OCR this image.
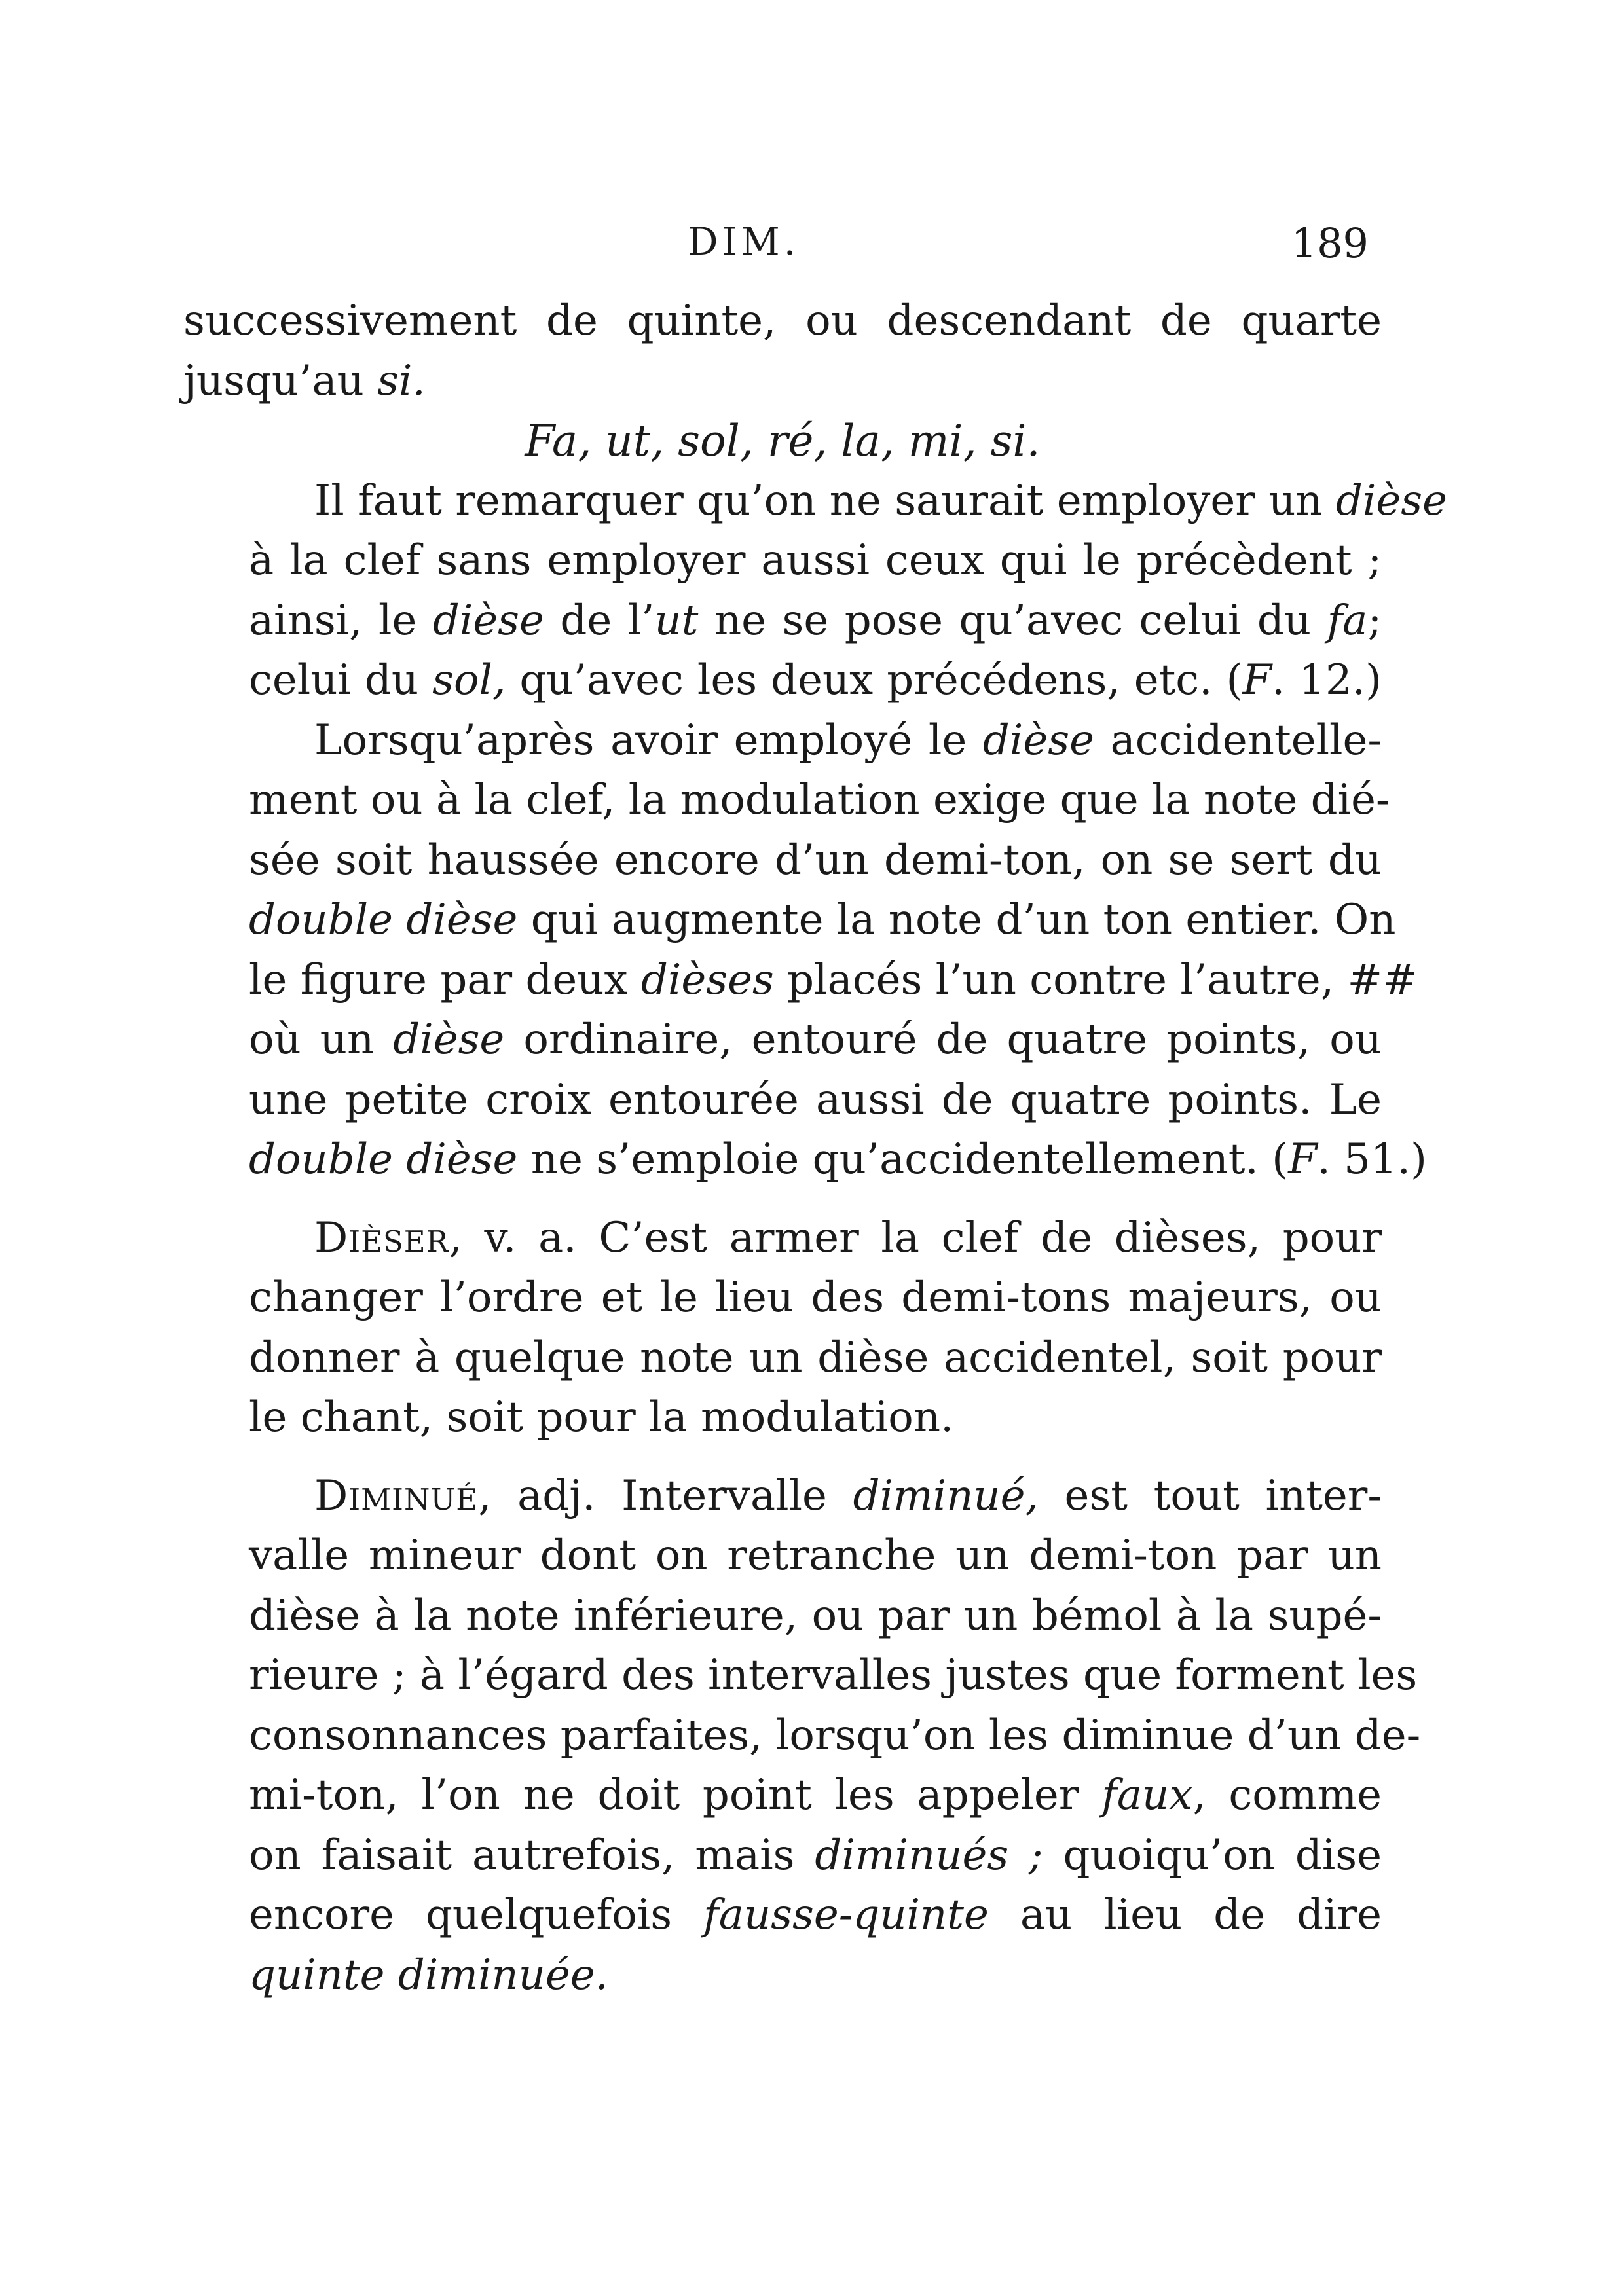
DIM.	189

successivement de quinte, ou descendant de quarte
jusqu’au si.

Fa, ut, sol, ré, la, mi, si.

Il faut remarquer qu’on ne saurait employer un dièse
à la clef sans employer aussi ceux qui le précèdent ;
ainsi, le dièse de l’ut ne se pose qu’avec celui du fa;
celui du sol, qu’avec les deux précédens, etc. (F. 12.)

Lorsqu’après avoir employé le dièse accidentelle-
ment ou à la clef, la modulation exige que la note dié-
sée soit haussée encore d’un demi-ton, on se sert du
double dièse qui augmente la note d’un ton entier. On
le figure par deux dièses placés l’un contre l’autre, ##
où un dièse ordinaire, entouré de quatre points, ou
une petite croix entourée aussi de quatre points. Le
double dièse ne s’emploie qu’accidentellement. (F. 51.)

Dièser, v. a. C’est armer la clef de dièses, pour
changer l’ordre et le lieu des demi-tons majeurs, ou
donner à quelque note un dièse accidentel, soit pour
le chant, soit pour la modulation.

Diminué, adj. Intervalle diminué, est tout inter-
valle mineur dont on retranche un demi-ton par un
dièse à la note inférieure, ou par un bémol à la supé-
rieure ; à l’égard des intervalles justes que forment les
consonnances parfaites, lorsqu’on les diminue d’un de-
mi-ton, l’on ne doit point les appeler faux, comme
on faisait autrefois, mais diminués ; quoiqu’on dise
encore quelquefois fausse-quinte au lieu de dire
quinte diminuée.
